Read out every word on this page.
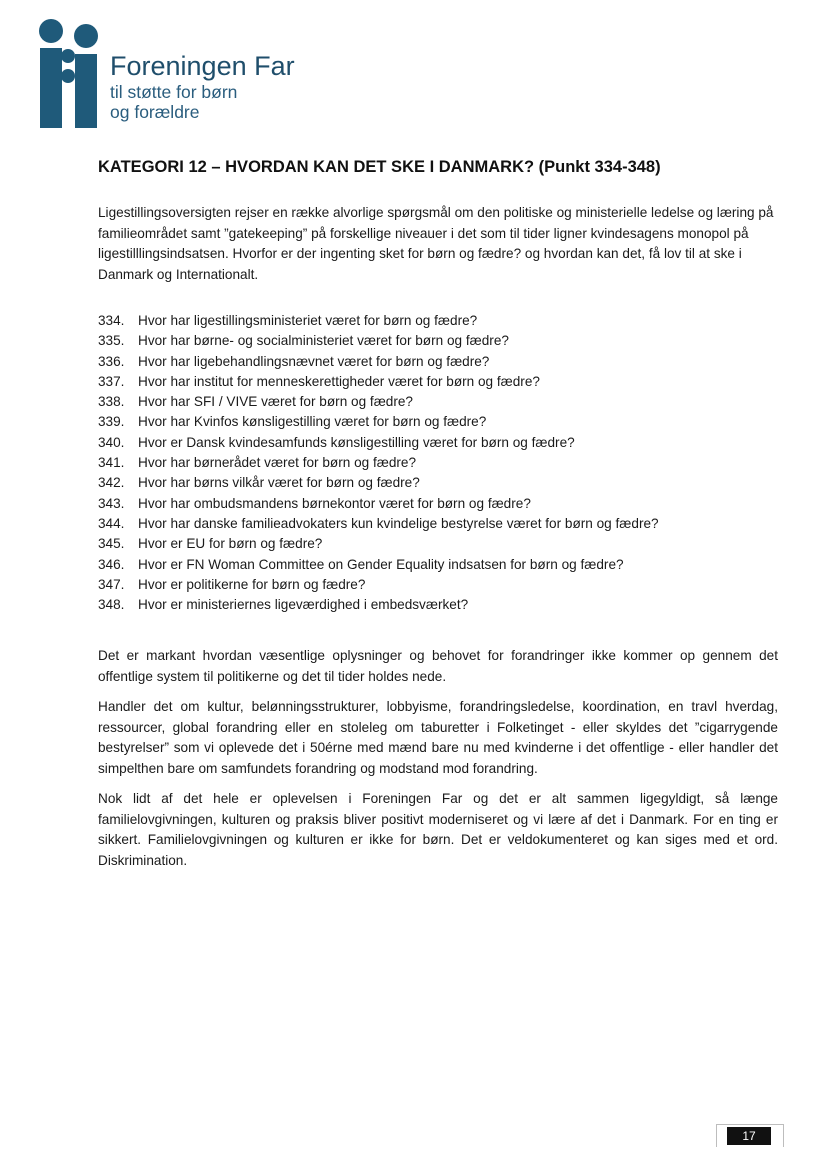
Foreningen Far
til støtte for børn
og forældre
KATEGORI 12 – HVORDAN KAN DET SKE I DANMARK? (Punkt 334-348)

Ligestillingsoversigten rejser en række alvorlige spørgsmål om den politiske og ministerielle ledelse og læring på familieområdet samt ”gatekeeping” på forskellige niveauer i det som til tider ligner kvindesagens monopol på ligestilllingsindsatsen. Hvorfor er der ingenting sket for børn og fædre? og hvordan kan det, få lov til at ske i Danmark og Internationalt.

334. Hvor har ligestillingsministeriet været for børn og fædre?
335. Hvor har børne- og socialministeriet været for børn og fædre?
336. Hvor har ligebehandlingsnævnet været for børn og fædre?
337. Hvor har institut for menneskerettigheder været for børn og fædre?
338. Hvor har SFI / VIVE været for børn og fædre?
339. Hvor har Kvinfos kønsligestilling været for børn og fædre?
340. Hvor er Dansk kvindesamfunds kønsligestilling været for børn og fædre?
341. Hvor har børnerådet været for børn og fædre?
342. Hvor har børns vilkår været for børn og fædre?
343. Hvor har ombudsmandens børnekontor været for børn og fædre?
344. Hvor har danske familieadvokaters kun kvindelige bestyrelse været for børn og fædre?
345. Hvor er EU for børn og fædre?
346. Hvor er FN Woman Committee on Gender Equality indsatsen for børn og fædre?
347. Hvor er politikerne for børn og fædre?
348. Hvor er ministeriernes ligeværdighed i embedsværket?

Det er markant hvordan væsentlige oplysninger og behovet for forandringer ikke kommer op gennem det offentlige system til politikerne og det til tider holdes nede.

Handler det om kultur, belønningsstrukturer, lobbyisme, forandringsledelse, koordination, en travl hverdag, ressourcer, global forandring eller en stoleleg om taburetter i Folketinget - eller skyldes det ”cigarrygende bestyrelser” som vi oplevede det i 50érne med mænd bare nu med kvinderne i det offentlige - eller handler det simpelthen bare om samfundets forandring og modstand mod forandring.

Nok lidt af det hele er oplevelsen i Foreningen Far og det er alt sammen ligegyldigt, så længe familielovgivningen, kulturen og praksis bliver positivt moderniseret og vi lære af det i Danmark. For en ting er sikkert. Familielovgivningen og kulturen er ikke for børn. Det er veldokumenteret og kan siges med et ord. Diskrimination.

17
